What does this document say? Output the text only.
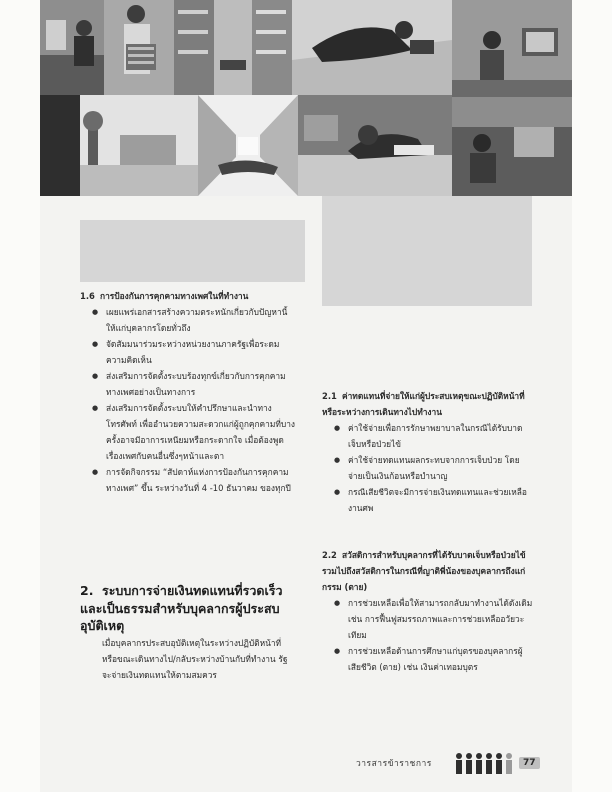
1.6 การป้องกันการคุกคามทางเพศในที่ทำงาน
● เผยแพร่เอกสารสร้างความตระหนักเกี่ยวกับปัญหานี้ให้แก่บุคลากรโดยทั่วถึง
● จัดสัมมนาร่วมระหว่างหน่วยงานภาครัฐเพื่อระดมความคิดเห็น
● ส่งเสริมการจัดตั้งระบบร้องทุกข์เกี่ยวกับการคุกคามทางเพศอย่างเป็นทางการ
● ส่งเสริมการจัดตั้งระบบให้คำปรึกษาและนำทางโทรศัพท์ เพื่ออำนวยความสะดวกแก่ผู้ถูกคุกคามที่บางครั้งอาจมีอาการเหนียมหรือกระดากใจ เมื่อต้องพูดเรื่องเพศกับคนอื่นซึ่งๆหน้าและตา
● การจัดกิจกรรม “สัปดาห์แห่งการป้องกันการคุกคามทางเพศ” ขึ้น ระหว่างวันที่ 4 -10 ธันวาคม ของทุกปี
2. ระบบการจ่ายเงินทดแทนที่รวดเร็วและเป็นธรรมสำหรับบุคลากรผู้ประสบอุบัติเหตุ
เมื่อบุคลากรประสบอุบัติเหตุในระหว่างปฏิบัติหน้าที่ หรือขณะเดินทางไป/กลับระหว่างบ้านกับที่ทำงาน รัฐจะจ่ายเงินทดแทนให้ตามสมควร
2.1 ค่าทดแทนที่จ่ายให้แก่ผู้ประสบเหตุขณะปฏิบัติหน้าที่หรือระหว่างการเดินทางไปทำงาน
● ค่าใช้จ่ายเพื่อการรักษาพยาบาลในกรณีได้รับบาดเจ็บหรือป่วยไข้
● ค่าใช้จ่ายทดแทนผลกระทบจากการเจ็บป่วย โดยจ่ายเป็นเงินก้อนหรือบำนาญ
● กรณีเสียชีวิตจะมีการจ่ายเงินทดแทนและช่วยเหลืองานศพ
2.2 สวัสดิการสำหรับบุคลากรที่ได้รับบาดเจ็บหรือป่วยไข้ รวมไปถึงสวัสดิการในกรณีที่ญาติพี่น้องของบุคลากรถึงแก่กรรม (ตาย)
● การช่วยเหลือเพื่อให้สามารถกลับมาทำงานได้ดังเดิม เช่น การฟื้นฟูสมรรถภาพและการช่วยเหลืออวัยวะเทียม
● การช่วยเหลือด้านการศึกษาแก่บุตรของบุคลากรผู้เสียชีวิต (ตาย) เช่น เงินค่าเทอมบุตร
วารสารข้าราชการ	77
